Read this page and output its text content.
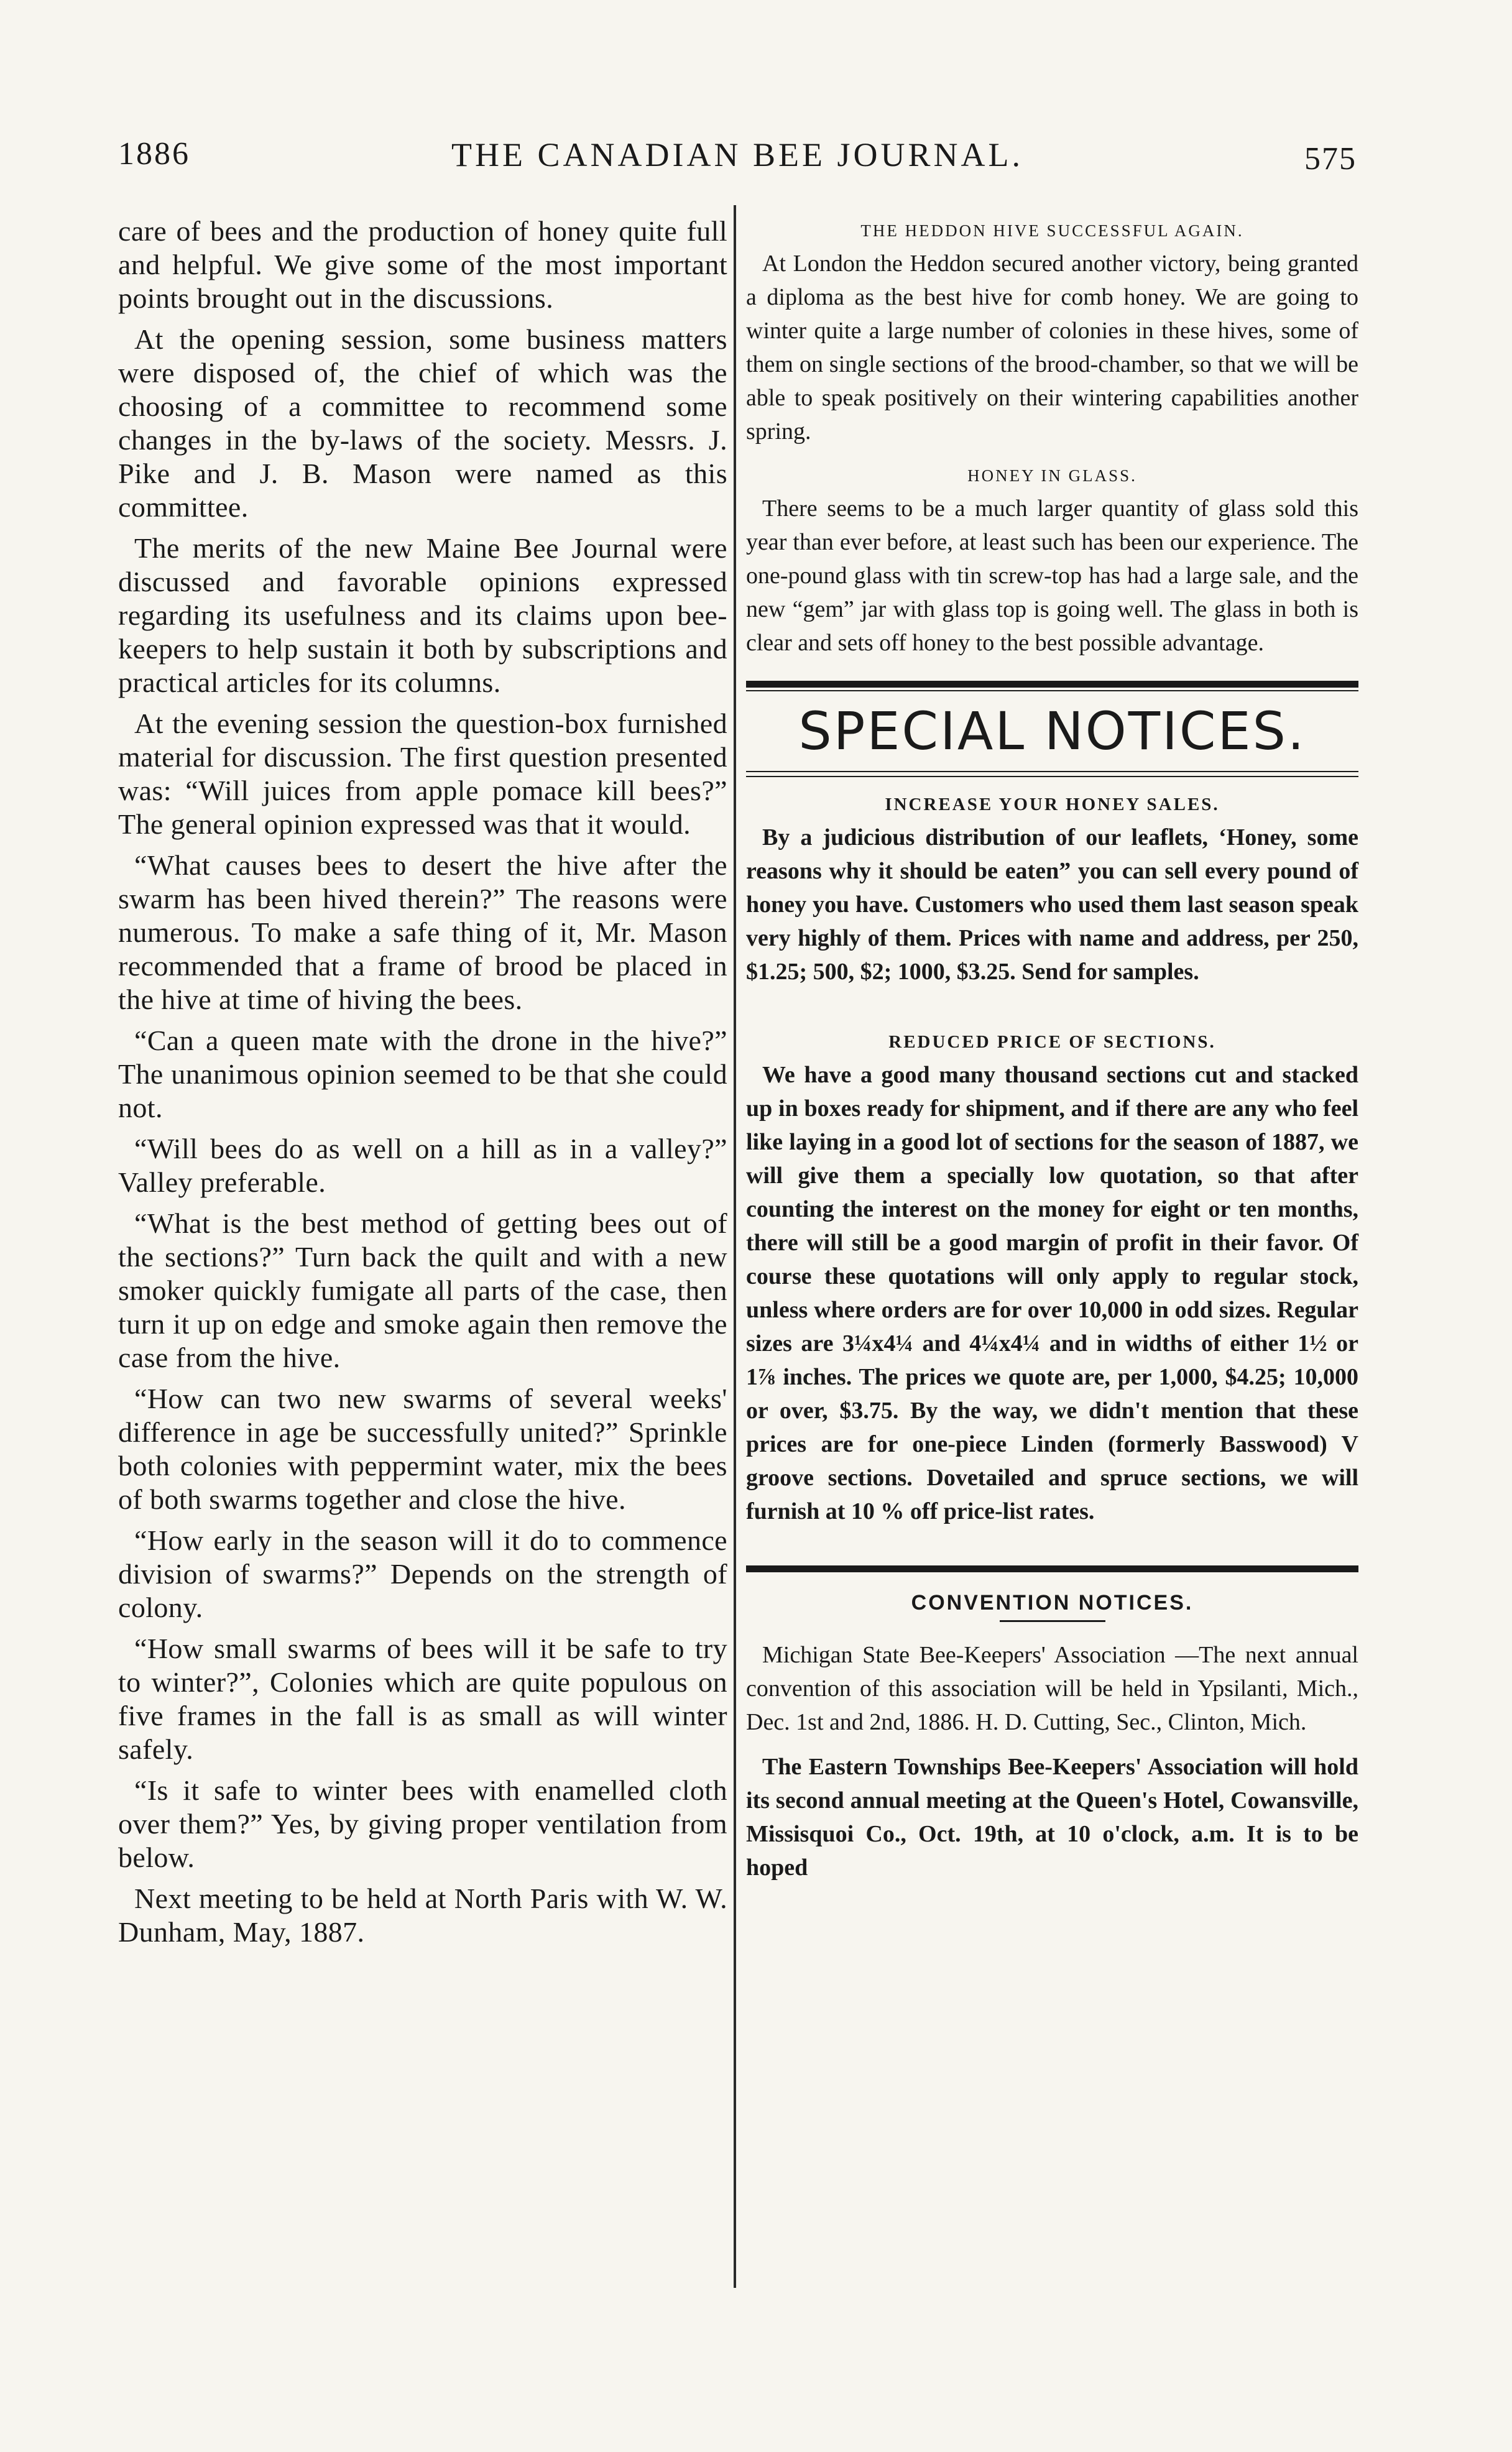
1886	THE CANADIAN BEE JOURNAL.	575

care of bees and the production of honey quite full and helpful. We give some of the most important points brought out in the discussions.

At the opening session, some business matters were disposed of, the chief of which was the choosing of a committee to recommend some changes in the by-laws of the society. Messrs. J. Pike and J. B. Mason were named as this committee.

The merits of the new Maine Bee Journal were discussed and favorable opinions expressed regarding its usefulness and its claims upon bee-keepers to help sustain it both by subscriptions and practical articles for its columns.

At the evening session the question-box furnished material for discussion. The first question presented was: “Will juices from apple pomace kill bees?” The general opinion expressed was that it would.

“What causes bees to desert the hive after the swarm has been hived therein?” The reasons were numerous. To make a safe thing of it, Mr. Mason recommended that a frame of brood be placed in the hive at time of hiving the bees.

“Can a queen mate with the drone in the hive?” The unanimous opinion seemed to be that she could not.

“Will bees do as well on a hill as in a valley?” Valley preferable.

“What is the best method of getting bees out of the sections?” Turn back the quilt and with a new smoker quickly fumigate all parts of the case, then turn it up on edge and smoke again then remove the case from the hive.

“How can two new swarms of several weeks' difference in age be successfully united?” Sprinkle both colonies with peppermint water, mix the bees of both swarms together and close the hive.

“How early in the season will it do to commence division of swarms?” Depends on the strength of colony.

“How small swarms of bees will it be safe to try to winter?”, Colonies which are quite populous on five frames in the fall is as small as will winter safely.

“Is it safe to winter bees with enamelled cloth over them?” Yes, by giving proper ventilation from below.

Next meeting to be held at North Paris with W. W. Dunham, May, 1887.

THE HEDDON HIVE SUCCESSFUL AGAIN.

At London the Heddon secured another victory, being granted a diploma as the best hive for comb honey. We are going to winter quite a large number of colonies in these hives, some of them on single sections of the brood-chamber, so that we will be able to speak positively on their wintering capabilities another spring.

HONEY IN GLASS.

There seems to be a much larger quantity of glass sold this year than ever before, at least such has been our experience. The one-pound glass with tin screw-top has had a large sale, and the new “gem” jar with glass top is going well. The glass in both is clear and sets off honey to the best possible advantage.

SPECIAL NOTICES.
INCREASE YOUR HONEY SALES.

By a judicious distribution of our leaflets, ‘Honey, some reasons why it should be eaten” you can sell every pound of honey you have. Customers who used them last season speak very highly of them. Prices with name and address, per 250, $1.25; 500, $2; 1000, $3.25. Send for samples.

REDUCED PRICE OF SECTIONS.

We have a good many thousand sections cut and stacked up in boxes ready for shipment, and if there are any who feel like laying in a good lot of sections for the season of 1887, we will give them a specially low quotation, so that after counting the interest on the money for eight or ten months, there will still be a good margin of profit in their favor. Of course these quotations will only apply to regular stock, unless where orders are for over 10,000 in odd sizes. Regular sizes are 3¼x4¼ and 4¼x4¼ and in widths of either 1½ or 1⅞ inches. The prices we quote are, per 1,000, $4.25; 10,000 or over, $3.75. By the way, we didn't mention that these prices are for one-piece Linden (formerly Basswood) V groove sections. Dovetailed and spruce sections, we will furnish at 10 % off price-list rates.

CONVENTION NOTICES.

Michigan State Bee-Keepers' Association —The next annual convention of this association will be held in Ypsilanti, Mich., Dec. 1st and 2nd, 1886. H. D. Cutting, Sec., Clinton, Mich.

The Eastern Townships Bee-Keepers' Association will hold its second annual meeting at the Queen's Hotel, Cowansville, Missisquoi Co., Oct. 19th, at 10 o'clock, a.m. It is to be hoped
